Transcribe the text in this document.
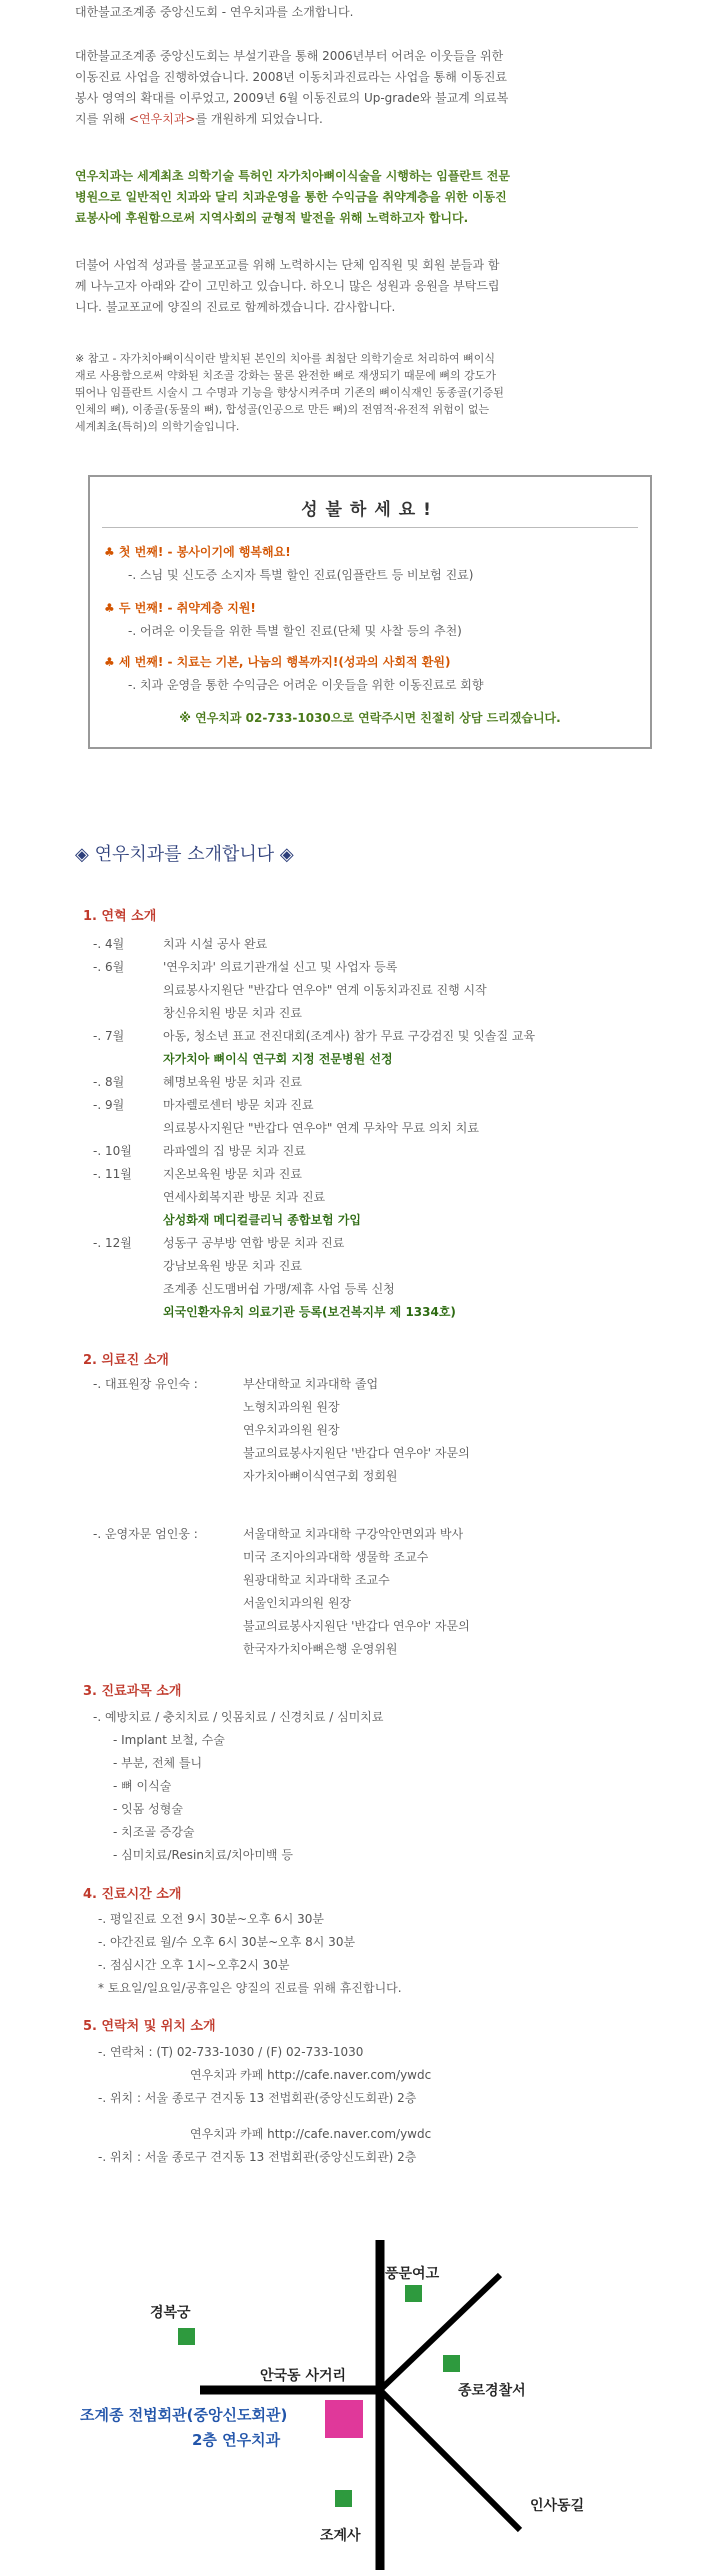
대한불교조계종 중앙신도회 - 연우치과를 소개합니다.
대한불교조계종 중앙신도회는 부설기관을 통해 2006년부터 어려운 이웃들을 위한
이동진료 사업을 진행하였습니다. 2008년 이동치과진료라는 사업을 통해 이동진료
봉사 영역의 확대를 이루었고, 2009년 6월 이동진료의 Up-grade와 불교계 의료복
지를 위해 <연우치과>를 개원하게 되었습니다.
연우치과는 세계최초 의학기술 특허인 자가치아뼈이식술을 시행하는 임플란트 전문
병원으로 일반적인 치과와 달리 치과운영을 통한 수익금을 취약계층을 위한 이동진
료봉사에 후원함으로써 지역사회의 균형적 발전을 위해 노력하고자 합니다.
더불어 사업적 성과를 불교포교를 위해 노력하시는 단체 임직원 및 회원 분들과 함
께 나누고자 아래와 같이 고민하고 있습니다. 하오니 많은 성원과 응원을 부탁드립
니다. 불교포교에 양질의 진료로 함께하겠습니다. 감사합니다.
※ 참고 - 자가치아뼈이식이란 발치된 본인의 치아를 최첨단 의학기술로 처리하여 뼈이식
재로 사용함으로써 약화된 치조골 강화는 물론 완전한 뼈로 재생되기 때문에 뼈의 강도가
뛰어나 임플란트 시술시 그 수명과 기능을 향상시켜주며 기존의 뼈이식재인 동종골(기증된
인체의 뼈), 이종골(동물의 뼈), 합성골(인공으로 만든 뼈)의 전염적·유전적 위험이 없는
세계최초(특허)의 의학기술입니다.
성불하세요!
♣ 첫 번째! - 봉사이기에 행복해요!
-. 스님 및 신도증 소지자 특별 할인 진료(임플란트 등 비보험 진료)
♣ 두 번째! - 취약계층 지원!
-. 어려운 이웃들을 위한 특별 할인 진료(단체 및 사찰 등의 추천)
♣ 세 번째! - 치료는 기본, 나눔의 행복까지!(성과의 사회적 환원)
-. 치과 운영을 통한 수익금은 어려운 이웃들을 위한 이동진료로 회향
※ 연우치과 02-733-1030으로 연락주시면 친절히 상담 드리겠습니다.
◈ 연우치과를 소개합니다 ◈
1. 연혁 소개
2. 의료진 소개
3. 진료과목 소개
4. 진료시간 소개
5. 연락처 및 위치 소개
풍문여고
경복궁
안국동 사거리
종로경찰서
조계종 전법회관(중앙신도회관)
2층 연우치과
인사동길
조계사
-. 4월	치과 시설 공사 완료
-. 6월	'연우치과' 의료기관개설 신고 및 사업자 등록
의료봉사지원단 "반갑다 연우야" 연계 이동치과진료 진행 시작
창신유치원 방문 치과 진료
-. 7월	아동, 청소년 표교 전진대회(조계사) 참가 무료 구강검진 및 잇솔질 교육
자가치아 뼈이식 연구회 지정 전문병원 선정
-. 8월	혜명보육원 방문 치과 진료
-. 9월	마자렐로센터 방문 치과 진료
의료봉사지원단 "반갑다 연우야" 연계 무차악 무료 의치 치료
-. 10월	라파엘의 집 방문 치과 진료
-. 11월	지온보육원 방문 치과 진료
연세사회복지관 방문 치과 진료
삼성화재 메디컬클리닉 종합보험 가입
-. 12월	성동구 공부방 연합 방문 치과 진료
강남보육원 방문 치과 진료
조계종 신도맴버쉽 가맹/제휴 사업 등록 신청
외국인환자유치 의료기관 등록(보건복지부 제 1334호)
-. 대표원장 유인숙 :	부산대학교 치과대학 졸업
노형치과의원 원장
연우치과의원 원장
불교의료봉사지원단 '반갑다 연우야' 자문의
자가치아뼈이식연구회 정회원
-. 운영자문 엄인웅 :	서울대학교 치과대학 구강악안면외과 박사
미국 조지아의과대학 생물학 조교수
원광대학교 치과대학 조교수
서울인치과의원 원장
불교의료봉사지원단 '반갑다 연우야' 자문의
한국자가치아뼈은행 운영위원
-. 예방치료 / 충치치료 / 잇몸치료 / 신경치료 / 심미치료
- Implant 보철, 수술
- 부분, 전체 틀니
- 뼈 이식술
- 잇몸 성형술
- 치조골 증강술
- 심미치료/Resin치료/치아미백 등
-. 평일진료 오전 9시 30분~오후 6시 30분
-. 야간진료 월/수 오후 6시 30분~오후 8시 30분
-. 점심시간 오후 1시~오후2시 30분
* 토요일/일요일/공휴일은 양질의 진료를 위해 휴진합니다.
-. 연락처 : (T) 02-733-1030 / (F) 02-733-1030
연우치과 카페 http://cafe.naver.com/ywdc
-. 위치 : 서울 종로구 견지동 13 전법회관(중앙신도회관) 2층
연우치과 카페 http://cafe.naver.com/ywdc
-. 위치 : 서울 종로구 견지동 13 전법회관(중앙신도회관) 2층
